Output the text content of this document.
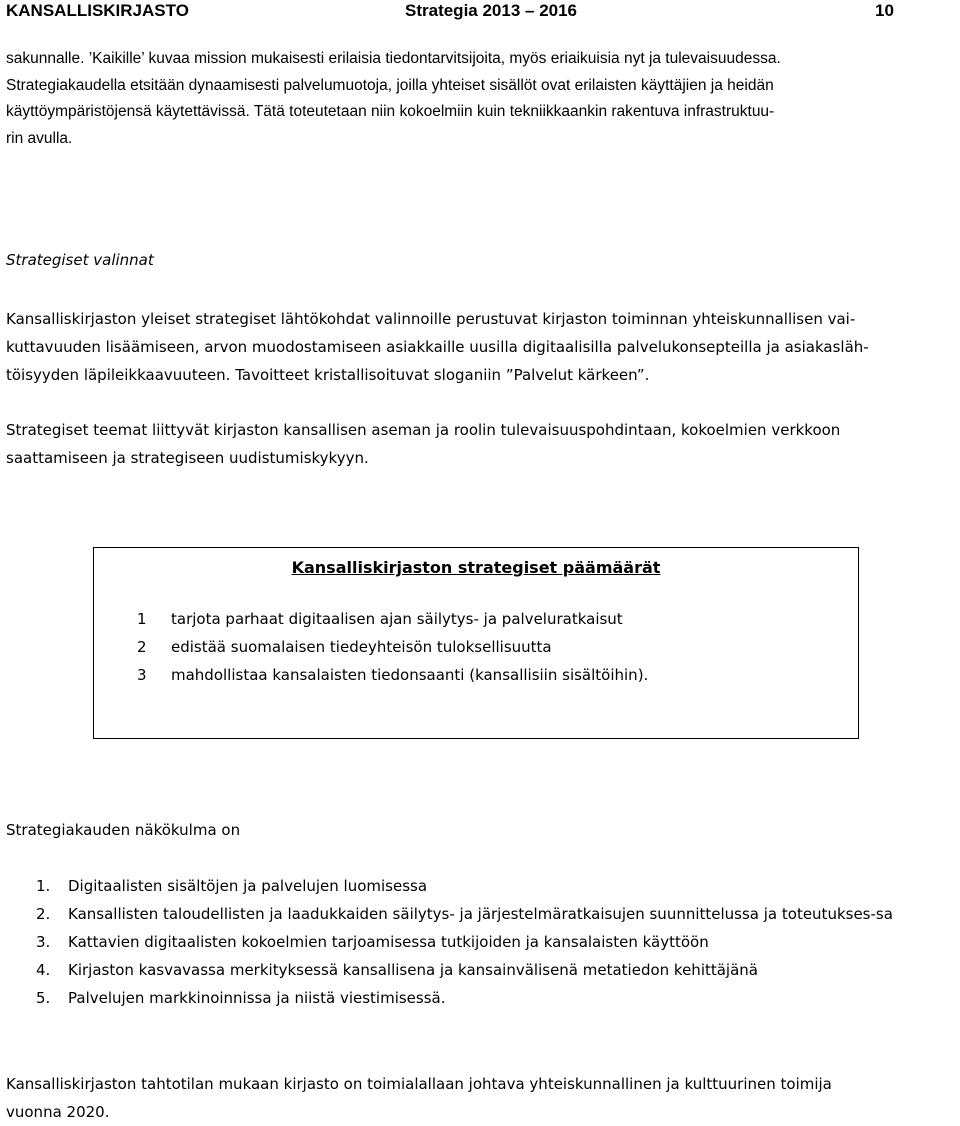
KANSALLISKIRJASTO	Strategia 2013 – 2016	10
sakunnalle. ’Kaikille’ kuvaa mission mukaisesti erilaisia tiedontarvitsijoita, myös eriaikuisia nyt ja tulevaisuudessa.
Strategiakaudella etsitään dynaamisesti palvelumuotoja, joilla yhteiset sisällöt ovat erilaisten käyttäjien ja heidän
käyttöympäristöjensä käytettävissä. Tätä toteutetaan niin kokoelmiin kuin tekniikkaankin rakentuva infrastruktuu-
rin avulla.
Strategiset valinnat
Kansalliskirjaston yleiset strategiset lähtökohdat valinnoille perustuvat kirjaston toiminnan yhteiskunnallisen vai-
kuttavuuden lisäämiseen, arvon muodostamiseen asiakkaille uusilla digitaalisilla palvelukonsepteilla ja asiakasläh-
töisyyden läpileikkaavuuteen. Tavoitteet kristallisoituvat sloganiin ”Palvelut kärkeen”.
Strategiset teemat liittyvät kirjaston kansallisen aseman ja roolin tulevaisuuspohdintaan, kokoelmien verkkoon
saattamiseen ja strategiseen uudistumiskykyyn.
Kansalliskirjaston strategiset päämäärät
1	tarjota parhaat digitaalisen ajan säilytys- ja palveluratkaisut
2	edistää suomalaisen tiedeyhteisön tuloksellisuutta
3	mahdollistaa kansalaisten tiedonsaanti (kansallisiin sisältöihin).
Strategiakauden näkökulma on
1.	Digitaalisten sisältöjen ja palvelujen luomisessa
2.	Kansallisten taloudellisten ja laadukkaiden säilytys- ja järjestelmäratkaisujen suunnittelussa ja toteutukses-sa
3.	Kattavien digitaalisten kokoelmien tarjoamisessa tutkijoiden ja kansalaisten käyttöön
4.	Kirjaston kasvavassa merkityksessä kansallisena ja kansainvälisenä metatiedon kehittäjänä
5.	Palvelujen markkinoinnissa ja niistä viestimisessä.
Kansalliskirjaston tahtotilan mukaan kirjasto on toimialallaan johtava yhteiskunnallinen ja kulttuurinen toimija
vuonna 2020.
